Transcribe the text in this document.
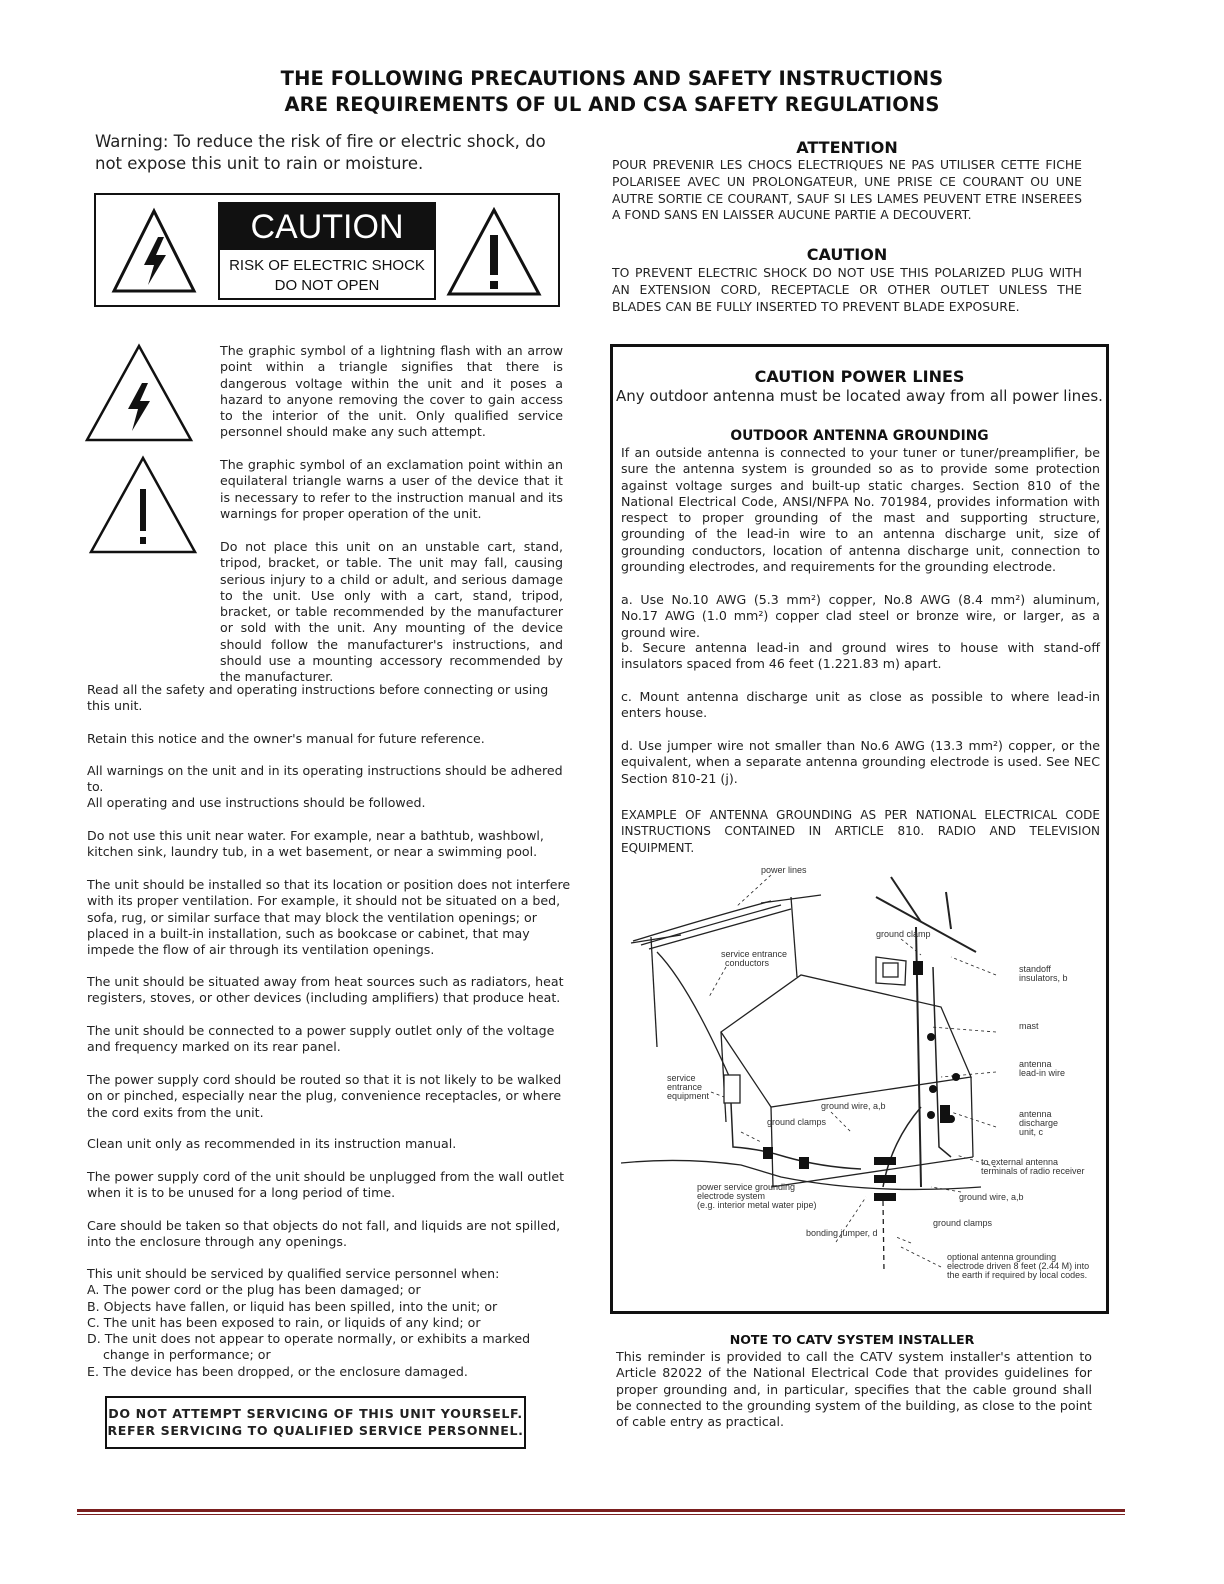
THE FOLLOWING PRECAUTIONS AND SAFETY INSTRUCTIONS
ARE REQUIREMENTS OF UL AND CSA SAFETY REGULATIONS
Warning: To reduce the risk of fire or electric shock, do not expose this unit to rain or moisture.
CAUTION
RISK OF ELECTRIC SHOCK
DO NOT OPEN
The graphic symbol of a lightning flash with an arrow point within a triangle signifies that there is dangerous voltage within the unit and it poses a hazard to anyone removing the cover to gain access to the interior of the unit. Only qualified service personnel should make any such attempt.
The graphic symbol of an exclamation point within an equilateral triangle warns a user of the device that it is necessary to refer to the instruction manual and its warnings for proper operation of the unit.
Do not place this unit on an unstable cart, stand, tripod, bracket, or table. The unit may fall, causing serious injury to a child or adult, and serious damage to the unit. Use only with a cart, stand, tripod, bracket, or table recommended by the manufacturer or sold with the unit. Any mounting of the device should follow the manufacturer's instructions, and should use a mounting accessory recommended by the manufacturer.
Read all the safety and operating instructions before connecting or using this unit.
Retain this notice and the owner's manual for future reference.
All warnings on the unit and in its operating instructions should be adhered to.
All operating and use instructions should be followed.
Do not use this unit near water. For example, near a bathtub, washbowl, kitchen sink, laundry tub, in a wet basement, or near a swimming pool.
The unit should be installed so that its location or position does not interfere with its proper ventilation. For example, it should not be situated on a bed, sofa, rug, or similar surface that may block the ventilation openings; or placed in a built-in installation, such as bookcase or cabinet, that may impede the flow of air through its ventilation openings.
The unit should be situated away from heat sources such as radiators, heat registers, stoves, or other devices (including amplifiers) that produce heat.
The unit should be connected to a power supply outlet only of the voltage and frequency marked on its rear panel.
The power supply cord should be routed so that it is not likely to be walked on or pinched, especially near the plug, convenience receptacles, or where the cord exits from the unit.
Clean unit only as recommended in its instruction manual.
The power supply cord of the unit should be unplugged from the wall outlet when it is to be unused for a long period of time.
Care should be taken so that objects do not fall, and liquids are not spilled, into the enclosure through any openings.
This unit should be serviced by qualified service personnel when:
A. The power cord or the plug has been damaged; or
B. Objects have fallen, or liquid has been spilled, into the unit; or
C. The unit has been exposed to rain, or liquids of any kind; or
D. The unit does not appear to operate normally, or exhibits a marked change in performance; or
E. The device has been dropped, or the enclosure damaged.
DO NOT ATTEMPT SERVICING OF THIS UNIT YOURSELF.
REFER SERVICING TO QUALIFIED SERVICE PERSONNEL.
ATTENTION
POUR PREVENIR LES CHOCS ELECTRIQUES NE PAS UTILISER CETTE FICHE POLARISEE AVEC UN PROLONGATEUR, UNE PRISE CE COURANT OU UNE AUTRE SORTIE CE COURANT, SAUF SI LES LAMES PEUVENT ETRE INSEREES A FOND SANS EN LAISSER AUCUNE PARTIE A DECOUVERT.
CAUTION
TO PREVENT ELECTRIC SHOCK DO NOT USE THIS POLARIZED PLUG WITH AN EXTENSION CORD, RECEPTACLE OR OTHER OUTLET UNLESS THE BLADES CAN BE FULLY INSERTED TO PREVENT BLADE EXPOSURE.
CAUTION POWER LINES
Any outdoor antenna must be located away from all power lines.
OUTDOOR ANTENNA GROUNDING
If an outside antenna is connected to your tuner or tuner/preamplifier, be sure the antenna system is grounded so as to provide some protection against voltage surges and built-up static charges. Section 810 of the National Electrical Code, ANSI/NFPA No. 701984, provides information with respect to proper grounding of the mast and supporting structure, grounding of the lead-in wire to an antenna discharge unit, size of grounding conductors, location of antenna discharge unit, connection to grounding electrodes, and requirements for the grounding electrode.
a. Use No.10 AWG (5.3 mm²) copper, No.8 AWG (8.4 mm²) aluminum, No.17 AWG (1.0 mm²) copper clad steel or bronze wire, or larger, as a ground wire.
b. Secure antenna lead-in and ground wires to house with stand-off insulators spaced from 46 feet (1.221.83 m) apart.
c. Mount antenna discharge unit as close as possible to where lead-in enters house.
d. Use jumper wire not smaller than No.6 AWG (13.3 mm²) copper, or the equivalent, when a separate antenna grounding electrode is used. See NEC Section 810-21 (j).
EXAMPLE OF ANTENNA GROUNDING AS PER NATIONAL ELECTRICAL CODE INSTRUCTIONS CONTAINED IN ARTICLE 810. RADIO AND TELEVISION EQUIPMENT.
power lines
ground clamp
service entrance
conductors
standoff
insulators, b
mast
antenna
lead-in wire
service
entrance
equipment
ground wire, a,b
ground clamps
antenna
discharge
unit, c
to external antenna
terminals of radio receiver
power service grounding
electrode system
(e.g. interior metal water pipe)
ground wire, a,b
ground clamps
bonding jumper, d
optional antenna grounding
electrode driven 8 feet (2.44 M) into
the earth if required by local codes.
NOTE TO CATV SYSTEM INSTALLER
This reminder is provided to call the CATV system installer's attention to Article 82022 of the National Electrical Code that provides guidelines for proper grounding and, in particular, specifies that the cable ground shall be connected to the grounding system of the building, as close to the point of cable entry as practical.
